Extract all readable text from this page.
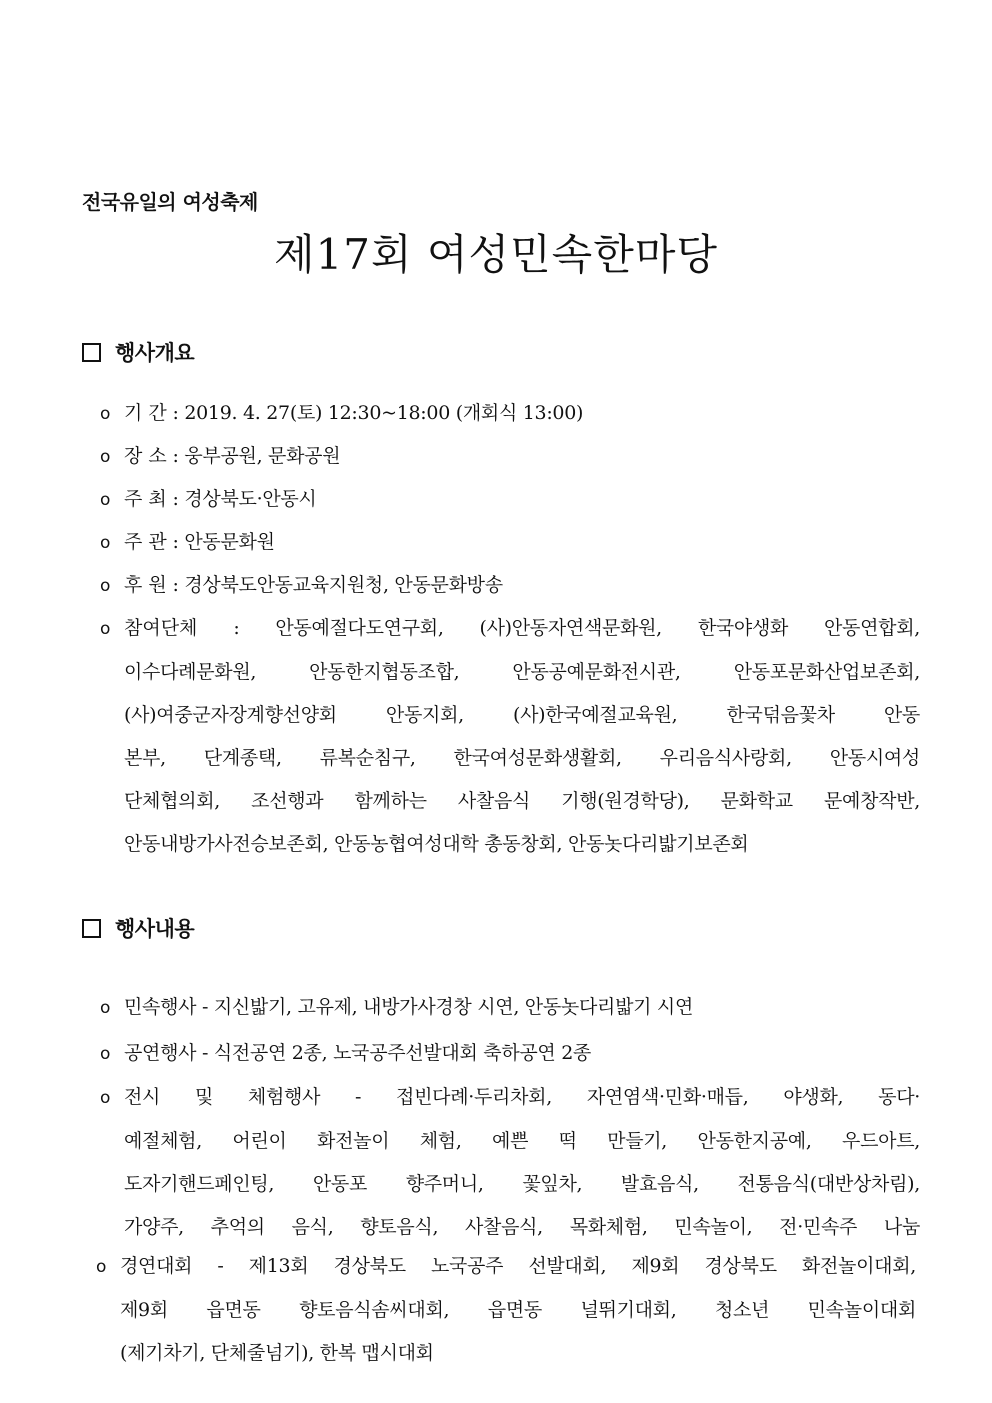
전국유일의 여성축제
제17회 여성민속한마당
행사개요
o 기 간 : 2019. 4. 27(토) 12:30~18:00 (개회식 13:00)
o 장 소 : 웅부공원, 문화공원
o 주 최 : 경상북도·안동시
o 주 관 : 안동문화원
o 후 원 : 경상북도안동교육지원청, 안동문화방송
o 참여단체 : 안동예절다도연구회, (사)안동자연색문화원, 한국야생화 안동연합회,
이수다례문화원, 안동한지협동조합, 안동공예문화전시관, 안동포문화산업보존회,
(사)여중군자장계향선양회 안동지회, (사)한국예절교육원, 한국덖음꽃차 안동
본부, 단계종택, 류복순침구, 한국여성문화생활회, 우리음식사랑회, 안동시여성
단체협의회, 조선행과 함께하는 사찰음식 기행(원경학당), 문화학교 문예창작반,
안동내방가사전승보존회, 안동농협여성대학 총동창회, 안동놋다리밟기보존회
행사내용
o 민속행사 - 지신밟기, 고유제, 내방가사경창 시연, 안동놋다리밟기 시연
o 공연행사 - 식전공연 2종, 노국공주선발대회 축하공연 2종
o 전시 및 체험행사 - 접빈다례·두리차회, 자연염색·민화·매듭, 야생화, 동다·
예절체험, 어린이 화전놀이 체험, 예쁜 떡 만들기, 안동한지공예, 우드아트,
도자기핸드페인팅, 안동포 향주머니, 꽃잎차, 발효음식, 전통음식(대반상차림),
가양주, 추억의 음식, 향토음식, 사찰음식, 목화체험, 민속놀이, 전·민속주 나눔
o 경연대회 - 제13회 경상북도 노국공주 선발대회, 제9회 경상북도 화전놀이대회,
제9회 읍면동 향토음식솜씨대회, 읍면동 널뛰기대회, 청소년 민속놀이대회
(제기차기, 단체줄넘기), 한복 맵시대회
